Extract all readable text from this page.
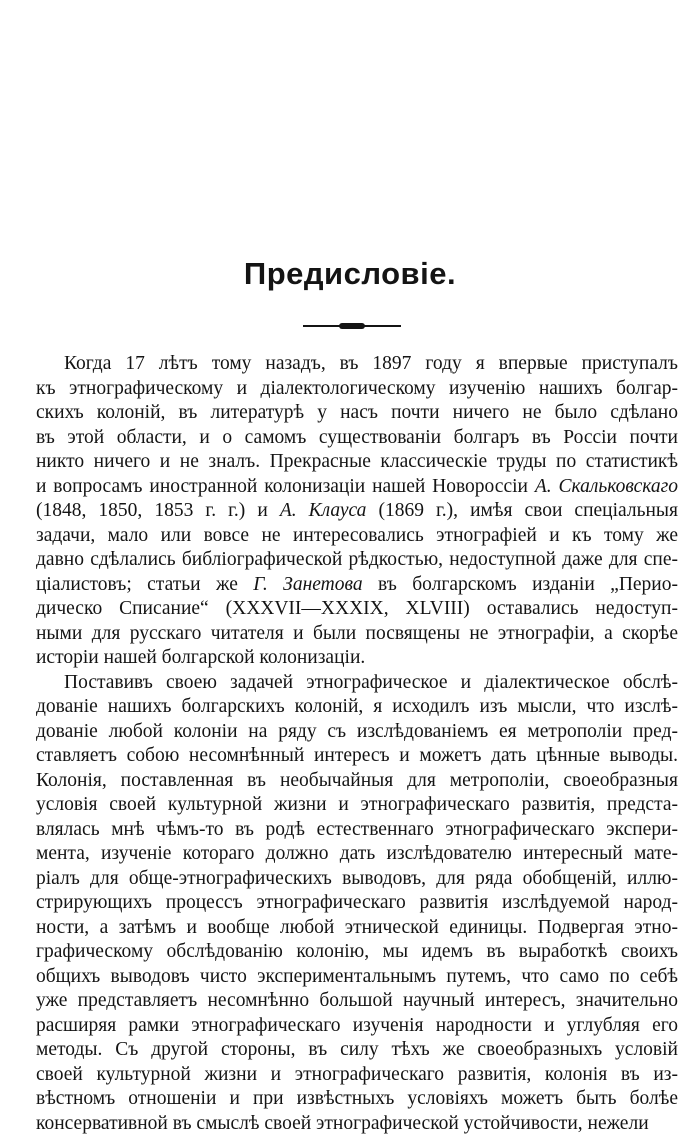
Предисловіе.
Когда 17 лѣтъ тому назадъ, въ 1897 году я впервые приступалъ
къ этнографическому и діалектологическому изученію нашихъ болгар-
скихъ колоній, въ литературѣ у насъ почти ничего не было сдѣлано
въ этой области, и о самомъ существованіи болгаръ въ Россіи почти
никто ничего и не зналъ. Прекрасные классическіе труды по статистикѣ
и вопросамъ иностранной колонизаціи нашей Новороссіи А. Скальковскаго
(1848, 1850, 1853 г. г.) и А. Клауса (1869 г.), имѣя свои спеціальныя
задачи, мало или вовсе не интересовались этнографіей и къ тому же
давно сдѣлались библіографической рѣдкостью, недоступной даже для спе-
ціалистовъ; статьи же Г. Занетова въ болгарскомъ изданіи „Перио-
дическо Списание“ (XXXVII—XXXIX, XLVIII) оставались недоступ-
ными для русскаго читателя и были посвящены не этнографіи, а скорѣе
исторіи нашей болгарской колонизаціи.
Поставивъ своею задачей этнографическое и діалектическое обслѣ-
дованіе нашихъ болгарскихъ колоній, я исходилъ изъ мысли, что изслѣ-
дованіе любой колоніи на ряду съ изслѣдованіемъ ея метрополіи пред-
ставляетъ собою несомнѣнный интересъ и можетъ дать цѣнные выводы.
Колонія, поставленная въ необычайныя для метрополіи, своеобразныя
условія своей культурной жизни и этнографическаго развитія, предста-
влялась мнѣ чѣмъ-то въ родѣ естественнаго этнографическаго экспери-
мента, изученіе котораго должно дать изслѣдователю интересный мате-
ріалъ для обще-этнографическихъ выводовъ, для ряда обобщеній, иллю-
стрирующихъ процессъ этнографическаго развитія изслѣдуемой народ-
ности, а затѣмъ и вообще любой этнической единицы. Подвергая этно-
графическому обслѣдованію колонію, мы идемъ въ выработкѣ своихъ
общихъ выводовъ чисто экспериментальнымъ путемъ, что само по себѣ
уже представляетъ несомнѣнно большой научный интересъ, значительно
расширяя рамки этнографическаго изученія народности и углубляя его
методы. Съ другой стороны, въ силу тѣхъ же своеобразныхъ условій
своей культурной жизни и этнографическаго развитія, колонія въ из-
вѣстномъ отношеніи и при извѣстныхъ условіяхъ можетъ быть болѣе
консервативной въ смыслѣ своей этнографической устойчивости, нежели
